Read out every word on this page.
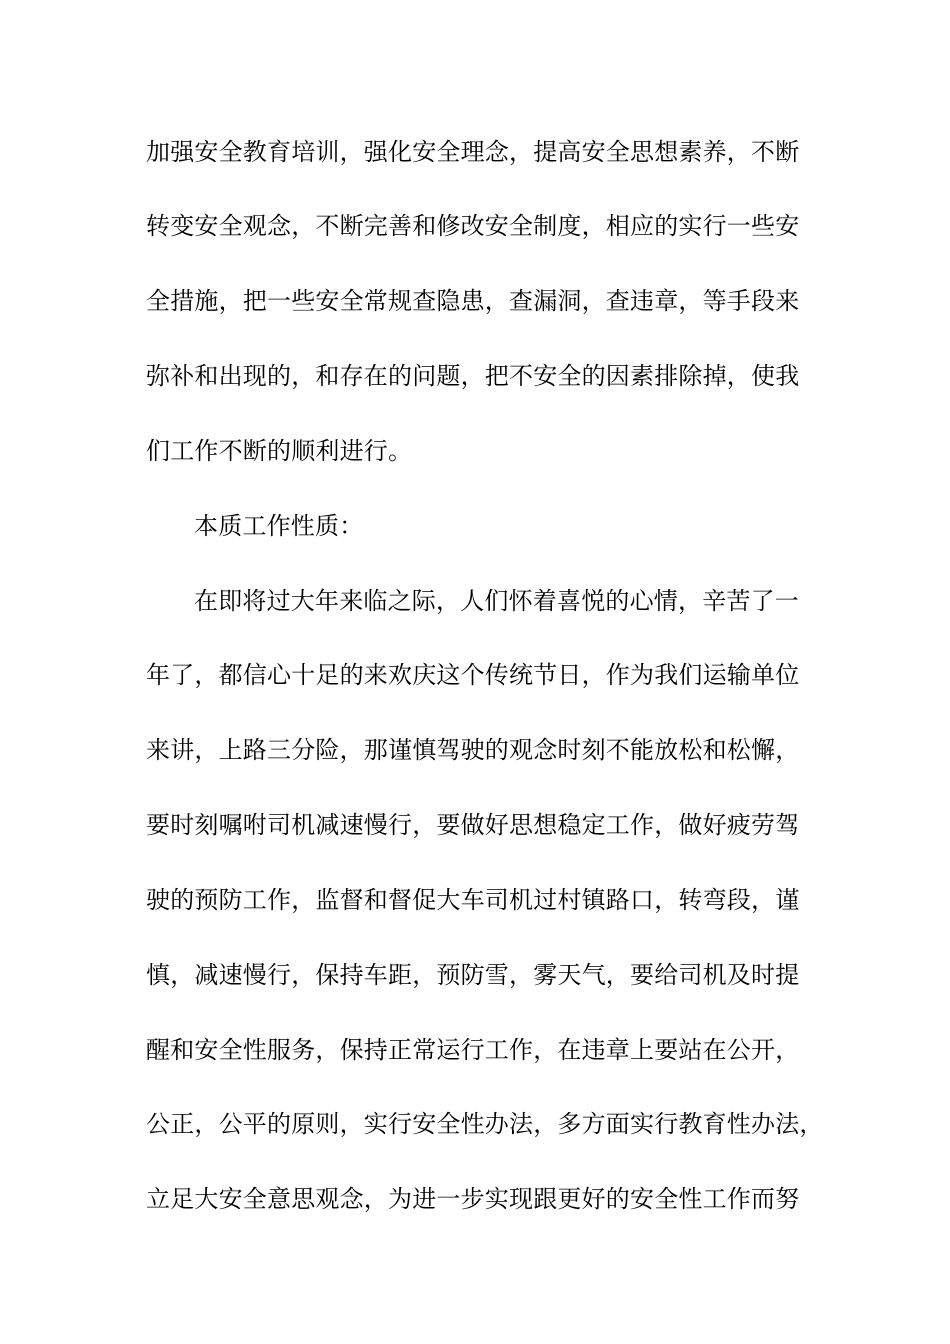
加强安全教育培训，强化安全理念，提高安全思想素养，不断
转变安全观念，不断完善和修改安全制度，相应的实行一些安
全措施，把一些安全常规查隐患，查漏洞，查违章，等手段来
弥补和出现的，和存在的问题，把不安全的因素排除掉，使我
们工作不断的顺利进行。
本质工作性质：
在即将过大年来临之际，人们怀着喜悦的心情，辛苦了一
年了，都信心十足的来欢庆这个传统节日，作为我们运输单位
来讲，上路三分险，那谨慎驾驶的观念时刻不能放松和松懈，
要时刻嘱咐司机减速慢行，要做好思想稳定工作，做好疲劳驾
驶的预防工作，监督和督促大车司机过村镇路口，转弯段，谨
慎，减速慢行，保持车距，预防雪，雾天气，要给司机及时提
醒和安全性服务，保持正常运行工作，在违章上要站在公开，
公正，公平的原则，实行安全性办法，多方面实行教育性办法，
立足大安全意思观念，为进一步实现跟更好的安全性工作而努
